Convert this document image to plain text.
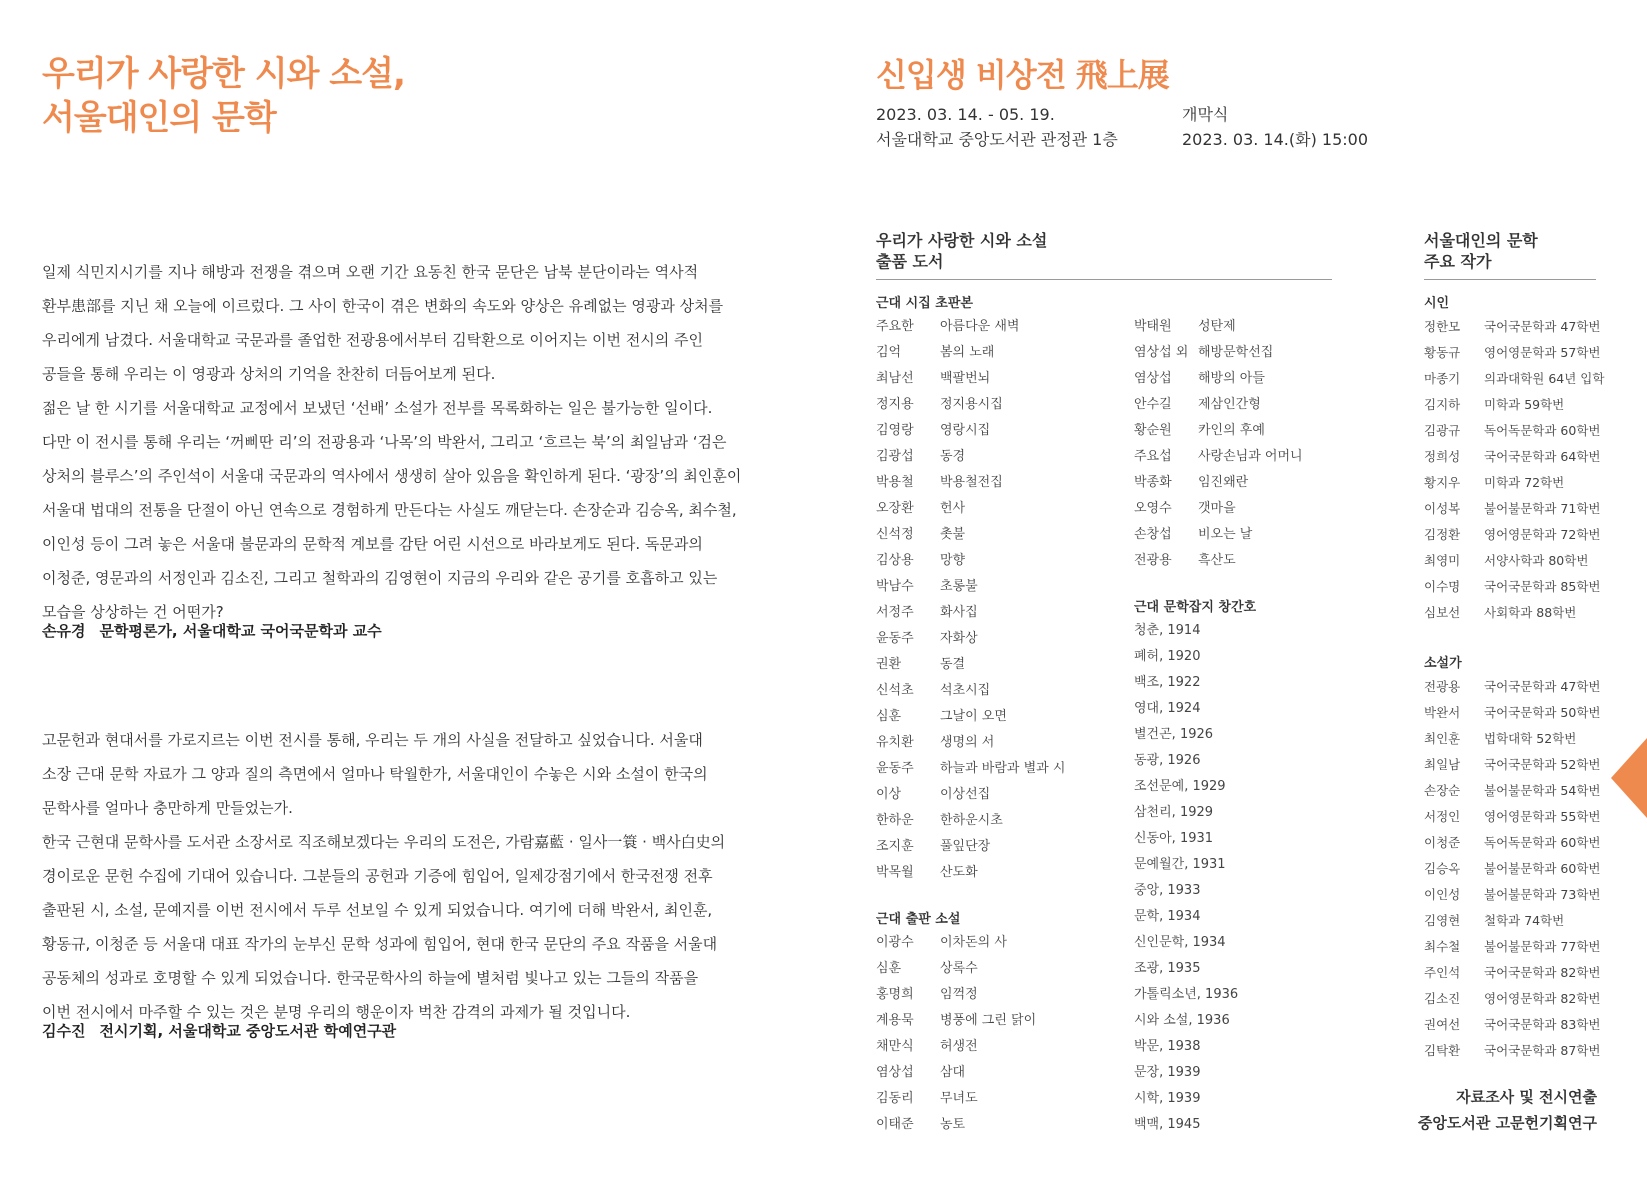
우리가 사랑한 시와 소설,
서울대인의 문학
일제 식민지시기를 지나 해방과 전쟁을 겪으며 오랜 기간 요동친 한국 문단은 남북 분단이라는 역사적
환부患部를 지닌 채 오늘에 이르렀다. 그 사이 한국이 겪은 변화의 속도와 양상은 유례없는 영광과 상처를
우리에게 남겼다. 서울대학교 국문과를 졸업한 전광용에서부터 김탁환으로 이어지는 이번 전시의 주인
공들을 통해 우리는 이 영광과 상처의 기억을 찬찬히 더듬어보게 된다.
젊은 날 한 시기를 서울대학교 교정에서 보냈던 ‘선배’ 소설가 전부를 목록화하는 일은 불가능한 일이다.
다만 이 전시를 통해 우리는 ‘꺼삐딴 리’의 전광용과 ‘나목’의 박완서, 그리고 ‘흐르는 북’의 최일남과 ‘검은
상처의 블루스’의 주인석이 서울대 국문과의 역사에서 생생히 살아 있음을 확인하게 된다. ‘광장’의 최인훈이
서울대 법대의 전통을 단절이 아닌 연속으로 경험하게 만든다는 사실도 깨닫는다. 손장순과 김승옥, 최수철,
이인성 등이 그려 놓은 서울대 불문과의 문학적 계보를 감탄 어린 시선으로 바라보게도 된다. 독문과의
이청준, 영문과의 서정인과 김소진, 그리고 철학과의 김영현이 지금의 우리와 같은 공기를 호흡하고 있는
모습을 상상하는 건 어떤가?
손유경 문학평론가, 서울대학교 국어국문학과 교수
고문헌과 현대서를 가로지르는 이번 전시를 통해, 우리는 두 개의 사실을 전달하고 싶었습니다. 서울대
소장 근대 문학 자료가 그 양과 질의 측면에서 얼마나 탁월한가, 서울대인이 수놓은 시와 소설이 한국의
문학사를 얼마나 충만하게 만들었는가.
한국 근현대 문학사를 도서관 소장서로 직조해보겠다는 우리의 도전은, 가람嘉藍 · 일사一簑 · 백사白史의
경이로운 문헌 수집에 기대어 있습니다. 그분들의 공헌과 기증에 힘입어, 일제강점기에서 한국전쟁 전후
출판된 시, 소설, 문예지를 이번 전시에서 두루 선보일 수 있게 되었습니다. 여기에 더해 박완서, 최인훈,
황동규, 이청준 등 서울대 대표 작가의 눈부신 문학 성과에 힘입어, 현대 한국 문단의 주요 작품을 서울대
공동체의 성과로 호명할 수 있게 되었습니다. 한국문학사의 하늘에 별처럼 빛나고 있는 그들의 작품을
이번 전시에서 마주할 수 있는 것은 분명 우리의 행운이자 벅찬 감격의 과제가 될 것입니다.
김수진 전시기획, 서울대학교 중앙도서관 학예연구관
신입생 비상전 飛上展
2023. 03. 14. - 05. 19.
서울대학교 중앙도서관 관정관 1층
개막식
2023. 03. 14.(화) 15:00
우리가 사랑한 시와 소설
출품 도서
서울대인의 문학
주요 작가
근대 시집 초판본
주요한	아름다운 새벽
김억	봄의 노래
최남선	백팔번뇌
정지용	정지용시집
김영랑	영랑시집
김광섭	동경
박용철	박용철전집
오장환	헌사
신석정	촛불
김상용	망향
박남수	초롱불
서정주	화사집
윤동주	자화상
권환	동결
신석초	석초시집
심훈	그날이 오면
유치환	생명의 서
윤동주	하늘과 바람과 별과 시
이상	이상선집
한하운	한하운시초
조지훈	풀잎단장
박목월	산도화
근대 출판 소설
이광수	이차돈의 사
심훈	상록수
홍명희	임꺽정
계용묵	병풍에 그린 닭이
채만식	허생전
염상섭	삼대
김동리	무녀도
이태준	농토
박태원	성탄제
염상섭 외 해방문학선집
염상섭	해방의 아들
안수길	제삼인간형
황순원	카인의 후예
주요섭	사랑손님과 어머니
박종화	임진왜란
오영수	갯마을
손창섭	비오는 날
전광용	흑산도
근대 문학잡지 창간호
청춘, 1914
폐허, 1920
백조, 1922
영대, 1924
별건곤, 1926
동광, 1926
조선문예, 1929
삼천리, 1929
신동아, 1931
문예월간, 1931
중앙, 1933
문학, 1934
신인문학, 1934
조광, 1935
가톨릭소년, 1936
시와 소설, 1936
박문, 1938
문장, 1939
시학, 1939
백맥, 1945
시인
정한모	국어국문학과 47학번
황동규	영어영문학과 57학번
마종기	의과대학원 64년 입학
김지하	미학과 59학번
김광규	독어독문학과 60학번
정희성	국어국문학과 64학번
황지우	미학과 72학번
이성복	불어불문학과 71학번
김정환	영어영문학과 72학번
최영미	서양사학과 80학번
이수명	국어국문학과 85학번
심보선	사회학과 88학번
소설가
전광용	국어국문학과 47학번
박완서	국어국문학과 50학번
최인훈	법학대학 52학번
최일남	국어국문학과 52학번
손장순	불어불문학과 54학번
서정인	영어영문학과 55학번
이청준	독어독문학과 60학번
김승옥	불어불문학과 60학번
이인성	불어불문학과 73학번
김영현	철학과 74학번
최수철	불어불문학과 77학번
주인석	국어국문학과 82학번
김소진	영어영문학과 82학번
권여선	국어국문학과 83학번
김탁환	국어국문학과 87학번
자료조사 및 전시연출
중앙도서관 고문헌기획연구
